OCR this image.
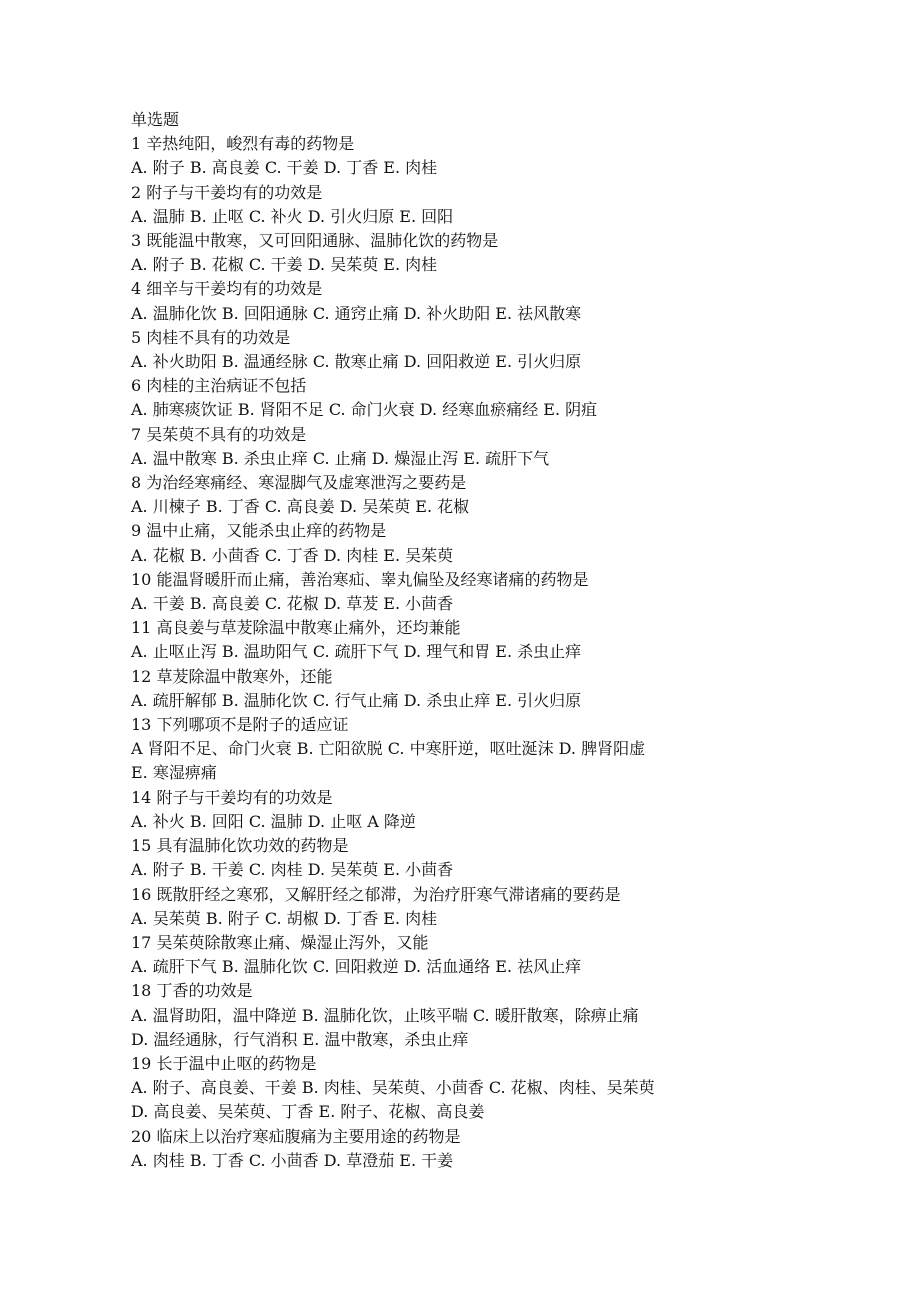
单选题
1 辛热纯阳，峻烈有毒的药物是
A. 附子 B. 高良姜 C. 干姜 D. 丁香 E. 肉桂
2 附子与干姜均有的功效是
A. 温肺 B. 止呕 C. 补火 D. 引火归原 E. 回阳
3 既能温中散寒，又可回阳通脉、温肺化饮的药物是
A. 附子 B. 花椒 C. 干姜 D. 吴茱萸 E. 肉桂
4 细辛与干姜均有的功效是
A. 温肺化饮 B. 回阳通脉 C. 通窍止痛 D. 补火助阳 E. 祛风散寒
5 肉桂不具有的功效是
A. 补火助阳 B. 温通经脉 C. 散寒止痛 D. 回阳救逆 E. 引火归原
6 肉桂的主治病证不包括
A. 肺寒痰饮证 B. 肾阳不足 C. 命门火衰 D. 经寒血瘀痛经 E. 阴疽
7 吴茱萸不具有的功效是
A. 温中散寒 B. 杀虫止痒 C. 止痛 D. 燥湿止泻 E. 疏肝下气
8 为治经寒痛经、寒湿脚气及虚寒泄泻之要药是
A. 川楝子 B. 丁香 C. 高良姜 D. 吴茱萸 E. 花椒
9 温中止痛，又能杀虫止痒的药物是
A. 花椒 B. 小茴香 C. 丁香 D. 肉桂 E. 吴茱萸
10 能温肾暖肝而止痛，善治寒疝、睾丸偏坠及经寒诸痛的药物是
A. 干姜 B. 高良姜 C. 花椒 D. 草茇 E. 小茴香
11 高良姜与草茇除温中散寒止痛外，还均兼能
A. 止呕止泻 B. 温助阳气 C. 疏肝下气 D. 理气和胃 E. 杀虫止痒
12 草茇除温中散寒外，还能
A. 疏肝解郁 B. 温肺化饮 C. 行气止痛 D. 杀虫止痒 E. 引火归原
13 下列哪项不是附子的适应证
A 肾阳不足、命门火衰 B. 亡阳欲脱 C. 中寒肝逆，呕吐涎沫 D. 脾肾阳虚
E. 寒湿痹痛
14 附子与干姜均有的功效是
A. 补火 B. 回阳 C. 温肺 D. 止呕 A 降逆
15 具有温肺化饮功效的药物是
A. 附子 B. 干姜 C. 肉桂 D. 吴茱萸 E. 小茴香
16 既散肝经之寒邪，又解肝经之郁滞，为治疗肝寒气滞诸痛的要药是
A. 吴茱萸 B. 附子 C. 胡椒 D. 丁香 E. 肉桂
17 吴茱萸除散寒止痛、燥湿止泻外，又能
A. 疏肝下气 B. 温肺化饮 C. 回阳救逆 D. 活血通络 E. 祛风止痒
18 丁香的功效是
A. 温肾助阳，温中降逆 B. 温肺化饮，止咳平喘 C. 暖肝散寒，除痹止痛
D. 温经通脉，行气消积 E. 温中散寒，杀虫止痒
19 长于温中止呕的药物是
A. 附子、高良姜、干姜 B. 肉桂、吴茱萸、小茴香 C. 花椒、肉桂、吴茱萸
D. 高良姜、吴茱萸、丁香 E. 附子、花椒、高良姜
20 临床上以治疗寒疝腹痛为主要用途的药物是
A. 肉桂 B. 丁香 C. 小茴香 D. 草澄茄 E. 干姜
